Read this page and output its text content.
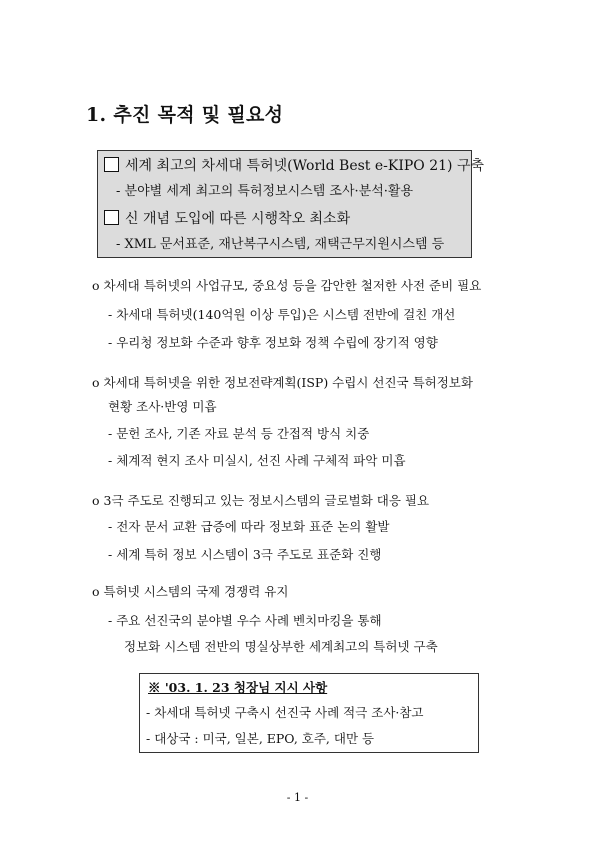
1. 추진 목적 및 필요성
세계 최고의 차세대 특허넷(World Best e-KIPO 21) 구축
- 분야별 세계 최고의 특허정보시스템 조사·분석·활용
신 개념 도입에 따른 시행착오 최소화
- XML 문서표준, 재난복구시스템, 재택근무지원시스템 등
o 차세대 특허넷의 사업규모, 중요성 등을 감안한 철저한 사전 준비 필요
- 차세대 특허넷(140억원 이상 투입)은 시스템 전반에 걸친 개선
- 우리청 정보화 수준과 향후 정보화 정책 수립에 장기적 영향
o 차세대 특허넷을 위한 정보전략계획(ISP) 수립시 선진국 특허정보화
현황 조사·반영 미흡
- 문헌 조사, 기존 자료 분석 등 간접적 방식 치중
- 체계적 현지 조사 미실시, 선진 사례 구체적 파악 미흡
o 3극 주도로 진행되고 있는 정보시스템의 글로벌화 대응 필요
- 전자 문서 교환 급증에 따라 정보화 표준 논의 활발
- 세계 특허 정보 시스템이 3극 주도로 표준화 진행
o 특허넷 시스템의 국제 경쟁력 유지
- 주요 선진국의 분야별 우수 사례 벤치마킹을 통해
정보화 시스템 전반의 명실상부한 세계최고의 특허넷 구축
※ '03. 1. 23 청장님 지시 사항
- 차세대 특허넷 구축시 선진국 사례 적극 조사·참고
- 대상국 : 미국, 일본, EPO, 호주, 대만 등
- 1 -
